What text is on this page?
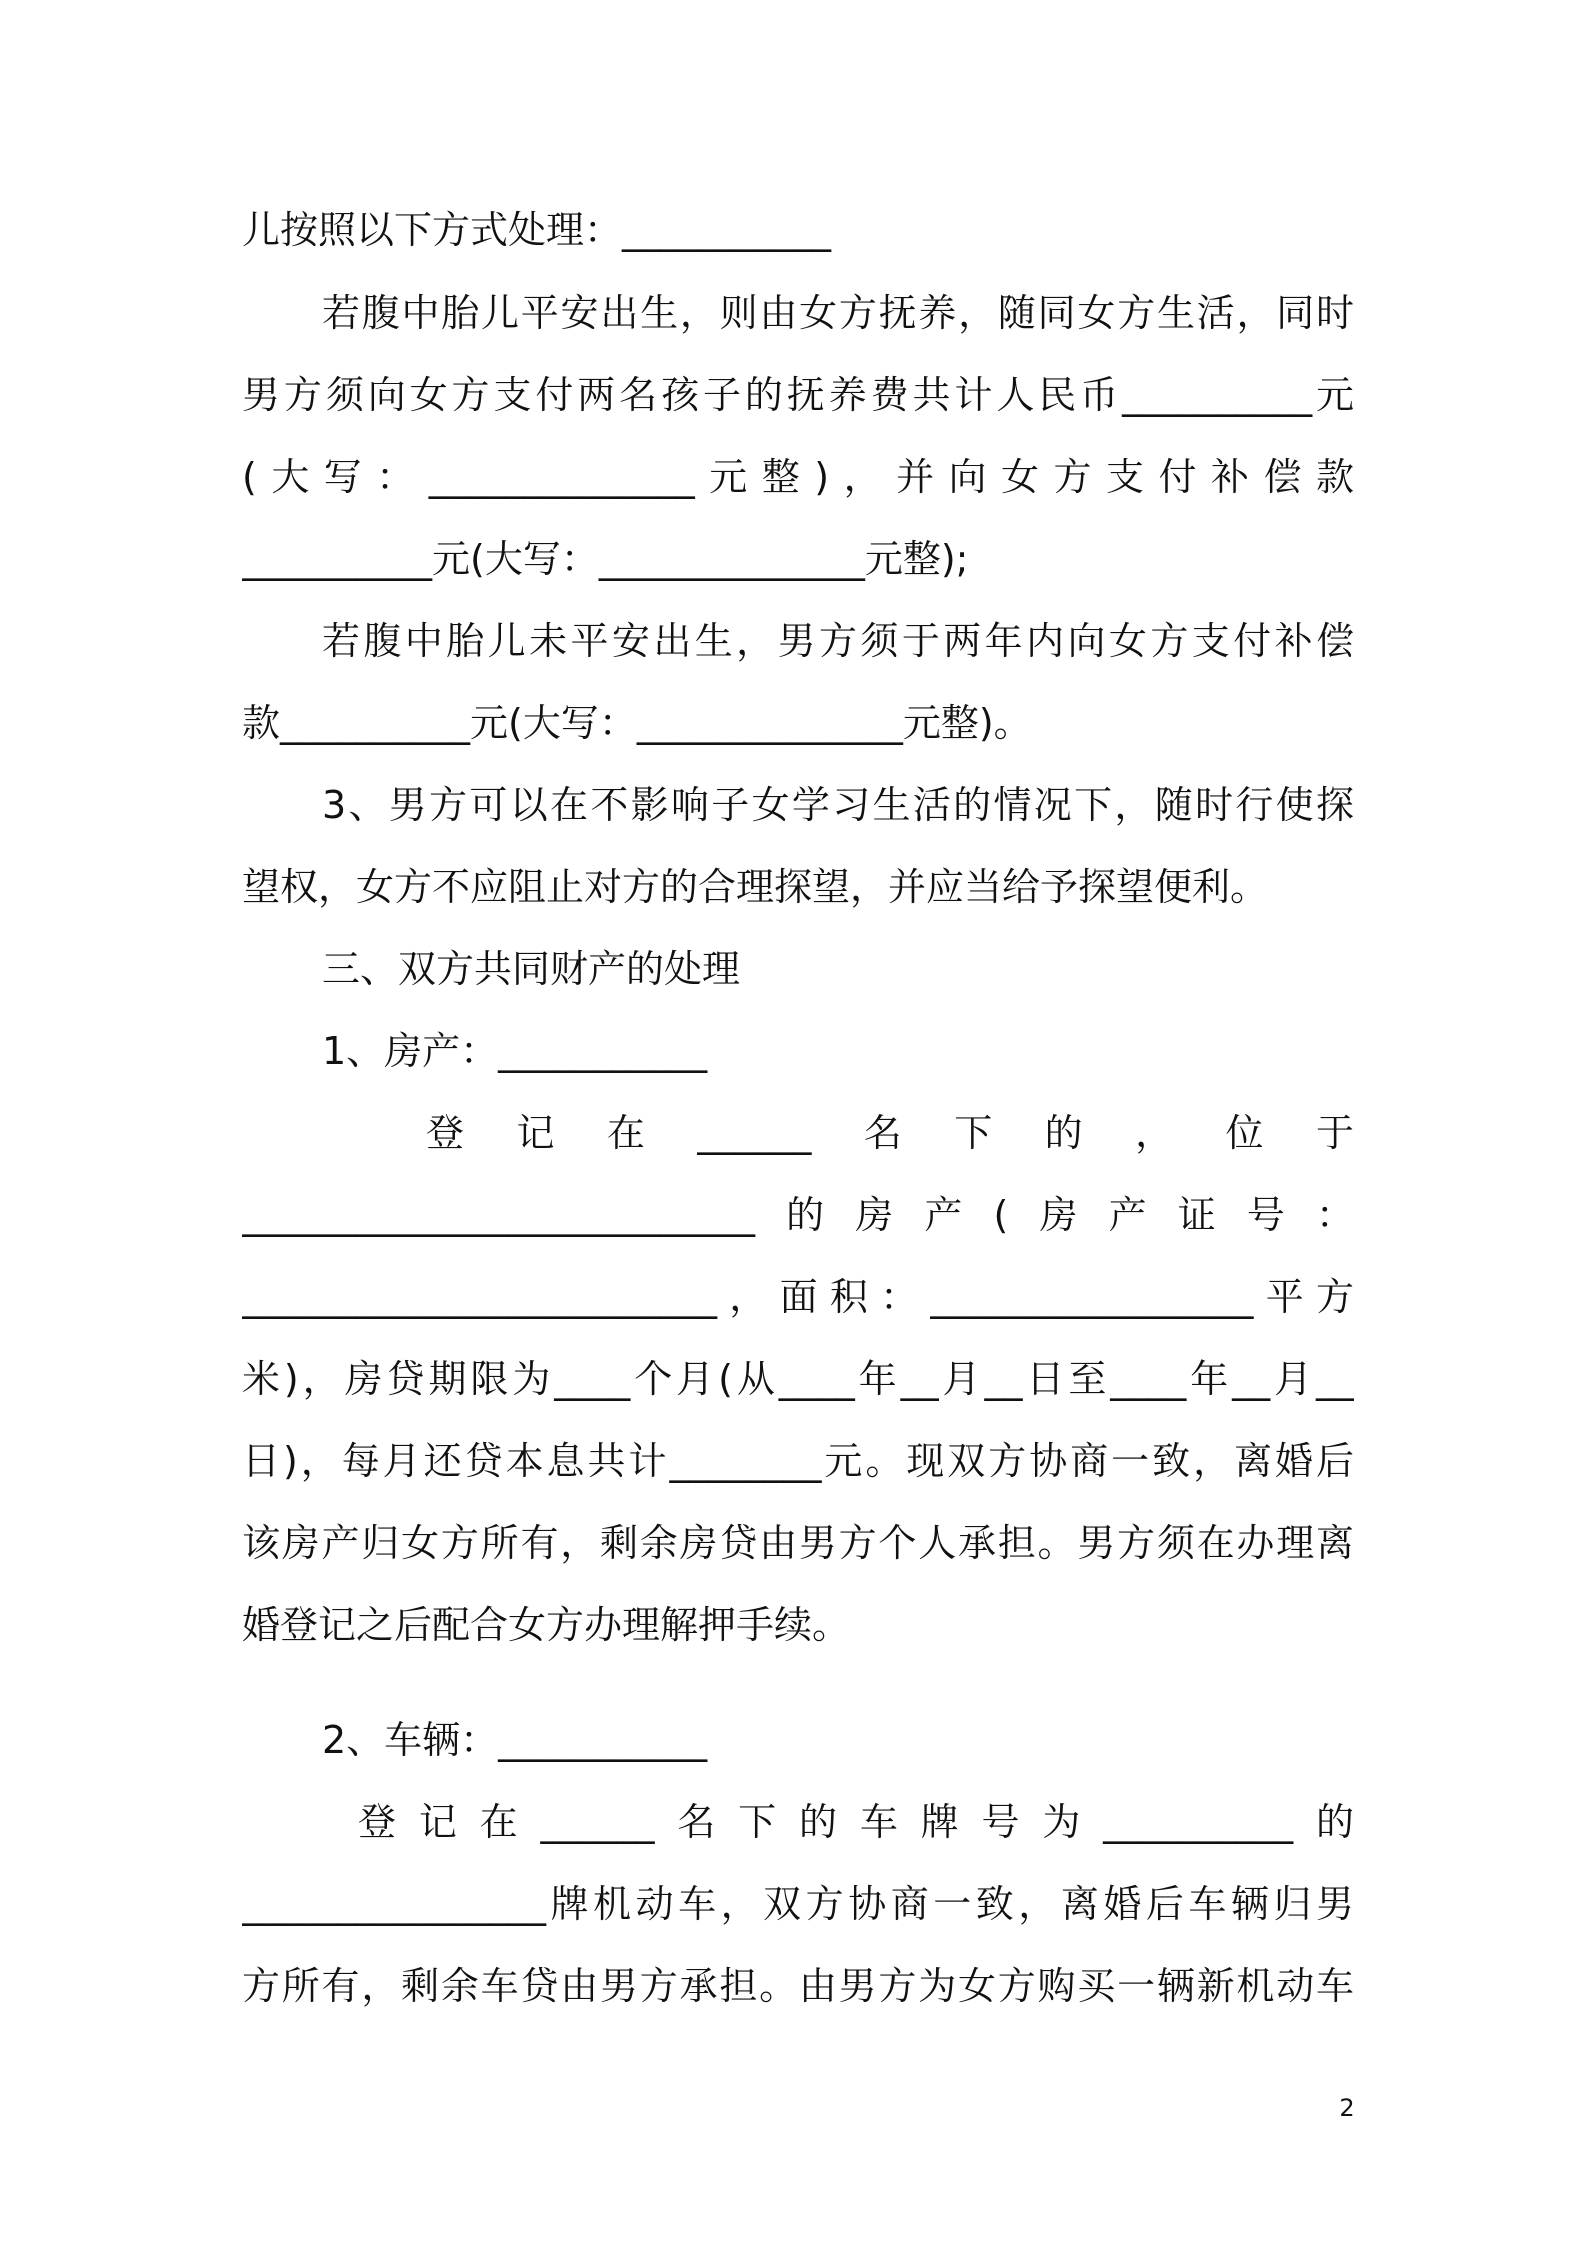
儿按照以下方式处理：___________
若腹中胎儿平安出生，则由女方抚养，随同女方生活，同时
男方须向女方支付两名孩子的抚养费共计人民币__________元
(大写：______________元整)，并向女方支付补偿款
__________元(大写：______________元整);
若腹中胎儿未平安出生，男方须于两年内向女方支付补偿
款__________元(大写：______________元整)。
3、男方可以在不影响子女学习生活的情况下，随时行使探
望权，女方不应阻止对方的合理探望，并应当给予探望便利。
三、双方共同财产的处理
1、房产：___________
登记在______名下的，位于
___________________________的房产(房产证号：
_________________________，面积：_________________平方
米)，房贷期限为____个月(从____年__月__日至____年__月__
日)，每月还贷本息共计________元。现双方协商一致，离婚后
该房产归女方所有，剩余房贷由男方个人承担。男方须在办理离
婚登记之后配合女方办理解押手续。
2、车辆：___________
登记在______名下的车牌号为__________的
________________牌机动车，双方协商一致，离婚后车辆归男
方所有，剩余车贷由男方承担。由男方为女方购买一辆新机动车
2
